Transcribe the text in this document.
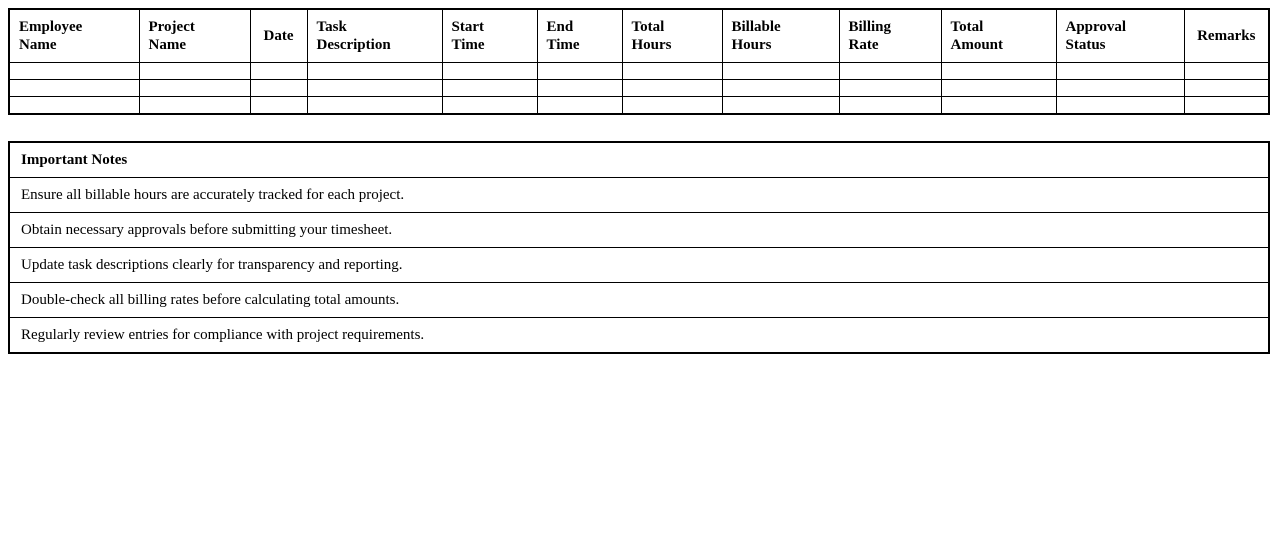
Employee Name	Project Name	Date	Task Description	Start Time	End Time	Total Hours	Billable Hours	Billing Rate	Total Amount	Approval Status	Remarks

Important Notes
Ensure all billable hours are accurately tracked for each project.
Obtain necessary approvals before submitting your timesheet.
Update task descriptions clearly for transparency and reporting.
Double-check all billing rates before calculating total amounts.
Regularly review entries for compliance with project requirements.
